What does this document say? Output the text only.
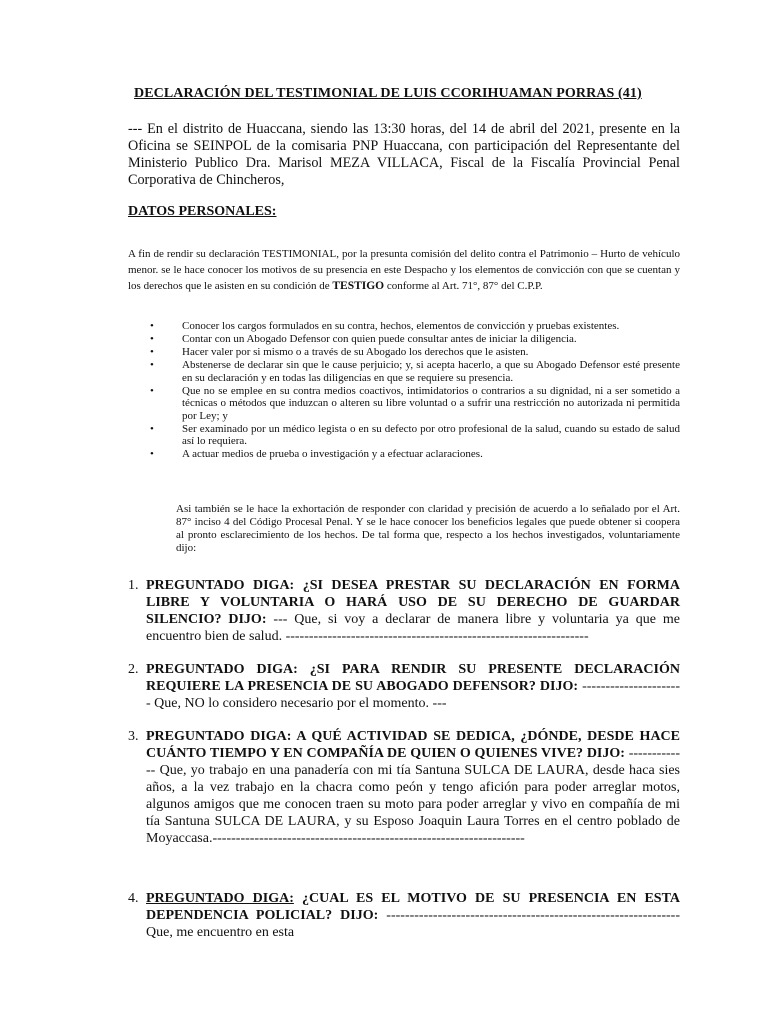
DECLARACIÓN DEL TESTIMONIAL DE LUIS CCORIHUAMAN PORRAS (41)
--- En el distrito de Huaccana, siendo las 13:30 horas, del 14 de abril del 2021, presente en la Oficina se SEINPOL de la comisaria PNP Huaccana, con participación del Representante del Ministerio Publico Dra. Marisol MEZA VILLACA, Fiscal de la Fiscalía Provincial Penal Corporativa de Chincheros,
DATOS PERSONALES:
A fin de rendir su declaración TESTIMONIAL, por la presunta comisión del delito contra el Patrimonio – Hurto de vehículo menor. se le hace conocer los motivos de su presencia en este Despacho y los elementos de convicción con que se cuentan y los derechos que le asisten en su condición de TESTIGO conforme al Art. 71°, 87° del C.P.P.
•	Conocer los cargos formulados en su contra, hechos, elementos de convicción y pruebas existentes.
•	Contar con un Abogado Defensor con quien puede consultar antes de iniciar la diligencia.
•	Hacer valer por si mismo o a través de su Abogado los derechos que le asisten.
•	Abstenerse de declarar sin que le cause perjuicio; y, si acepta hacerlo, a que su Abogado Defensor esté presente en su declaración y en todas las diligencias en que se requiere su presencia.
•	Que no se emplee en su contra medios coactivos, intimidatorios o contrarios a su dignidad, ni a ser sometido a técnicas o métodos que induzcan o alteren su libre voluntad o a sufrir una restricción no autorizada ni permitida por Ley; y
•	Ser examinado por un médico legista o en su defecto por otro profesional de la salud, cuando su estado de salud así lo requiera.
•	A actuar medios de prueba o investigación y a efectuar aclaraciones.
Asi también se le hace la exhortación de responder con claridad y precisión de acuerdo a lo señalado por el Art. 87° inciso 4 del Código Procesal Penal. Y se le hace conocer los beneficios legales que puede obtener si coopera al pronto esclarecimiento de los hechos. De tal forma que, respecto a los hechos investigados, voluntariamente dijo:
1. PREGUNTADO DIGA: ¿SI DESEA PRESTAR SU DECLARACIÓN EN FORMA LIBRE Y VOLUNTARIA O HARÁ USO DE SU DERECHO DE GUARDAR SILENCIO? DIJO: --- Que, si voy a declarar de manera libre y voluntaria ya que me encuentro bien de salud. -----------------------------------------------------------------
2. PREGUNTADO DIGA: ¿SI PARA RENDIR SU PRESENTE DECLARACIÓN REQUIERE LA PRESENCIA DE SU ABOGADO DEFENSOR? DIJO: ---------------------- Que, NO lo considero necesario por el momento. ---
3. PREGUNTADO DIGA: A QUÉ ACTIVIDAD SE DEDICA, ¿DÓNDE, DESDE HACE CUÁNTO TIEMPO Y EN COMPAÑÍA DE QUIEN O QUIENES VIVE? DIJO: ------------- Que, yo trabajo en una panadería con mi tía Santuna SULCA DE LAURA, desde haca sies años, a la vez trabajo en la chacra como peón y tengo afición para poder arreglar motos, algunos amigos que me conocen traen su moto para poder arreglar y vivo en compañía de mi tía Santuna SULCA DE LAURA, y su Esposo Joaquin Laura Torres en el centro poblado de Moyaccasa.-------------------------------------------------------------------
4. PREGUNTADO DIGA: ¿CUAL ES EL MOTIVO DE SU PRESENCIA EN ESTA DEPENDENCIA POLICIAL? DIJO: --------------------------------------------------------------- Que, me encuentro en esta
